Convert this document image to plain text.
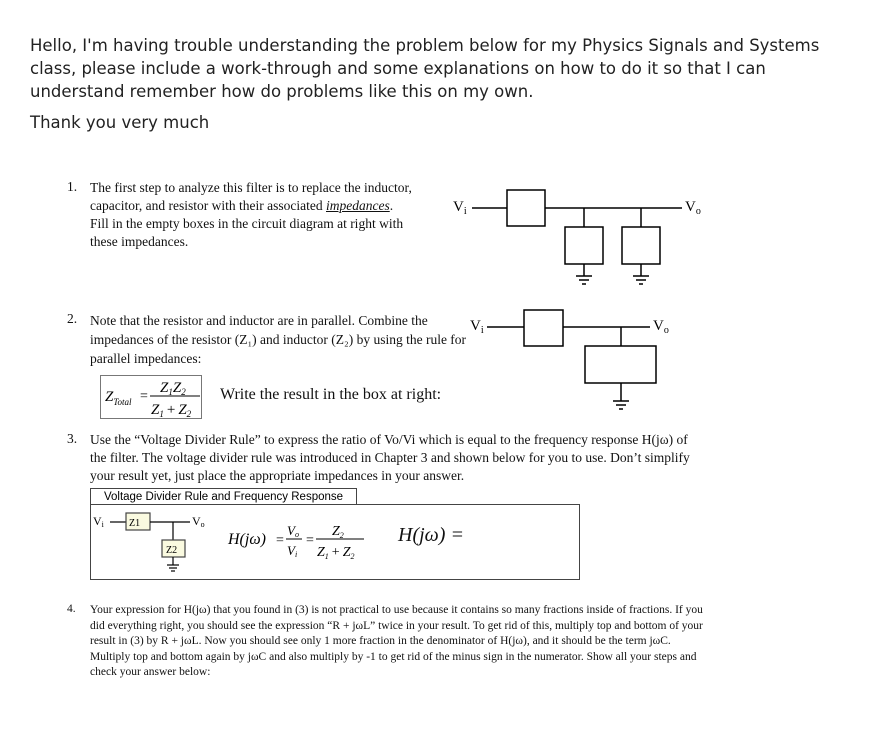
Hello, I'm having trouble understanding the problem below for my Physics Signals and Systems class, please include a work-through and some explanations on how to do it so that I can understand remember how do problems like this on my own.

Thank you very much

1. The first step to analyze this filter is to replace the inductor, capacitor, and resistor with their associated impedances.
Fill in the empty boxes in the circuit diagram at right with these impedances.
$V_i$	$V_o$
2. Note that the resistor and inductor are in parallel. Combine the impedances of the resistor (Z₁) and inductor (Z₂) by using the rule for parallel impedances:
$Z_{Total}$ =
$Z_1Z_2$
$Z_1 + Z_2$
Write the result in the box at right:
$V_i$	$V_o$
3. Use the “Voltage Divider Rule” to express the ratio of Vo/Vi which is equal to the frequency response H(jω) of the filter. The voltage divider rule was introduced in Chapter 3 and shown below for you to use. Don’t simplify your result yet, just place the appropriate impedances in your answer.
Voltage Divider Rule and Frequency Response
Vi	Vo
Z1
Z2
H(jω) =
Vo
Vi
=
$Z_2$
$Z_1 + Z_2$
H(jω) =
4. Your expression for H(jω) that you found in (3) is not practical to use because it contains so many fractions inside of fractions. If you did everything right, you should see the expression “R + jωL” twice in your result. To get rid of this, multiply top and bottom of your result in (3) by R + jωL. Now you should see only 1 more fraction in the denominator of H(jω), and it should be the term jωC. Multiply top and bottom again by jωC and also multiply by -1 to get rid of the minus sign in the numerator. Show all your steps and check your answer below:
